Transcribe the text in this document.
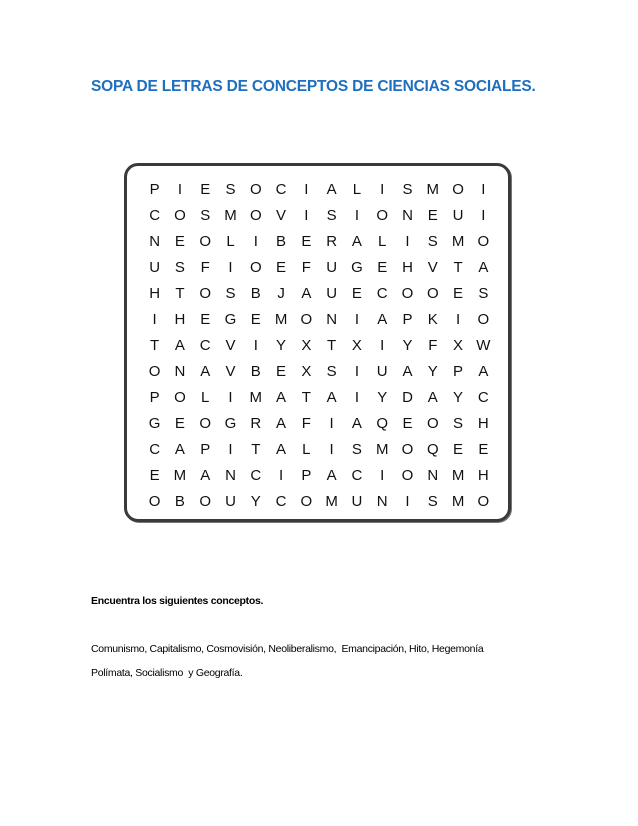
SOPA DE LETRAS DE CONCEPTOS DE CIENCIAS SOCIALES.
P	I	E	S O C	I	A	L	I	S M O	I
C O S M O V	I	S	I	O N E U	I
N E O	L	I	B	E R A	L	I	S M O
U S	F	I	O E	F	U G E H V	T	A
H	T O S	B	J	A U E C O O E	S
I	H E G E M O N	I	A	P	K	I	O
T	A C V	I	Y	X	T	X	I	Y	F	X W
O N A	V	B	E	X	S	I	U A	Y	P	A
P O	L	I	M A	T	A	I	Y D A	Y C
G E O G R A	F	I	A Q E O S H
C A	P	I	T	A	L	I	S M O Q E	E
E M A N C	I	P	A C	I	O N M H
O B O U Y C O M U N	I	S M O

Encuentra los siguientes conceptos.

Comunismo, Capitalismo, Cosmovisión, Neoliberalismo,  Emancipación, Hito, Hegemonía
Polímata, Socialismo  y Geografía.
